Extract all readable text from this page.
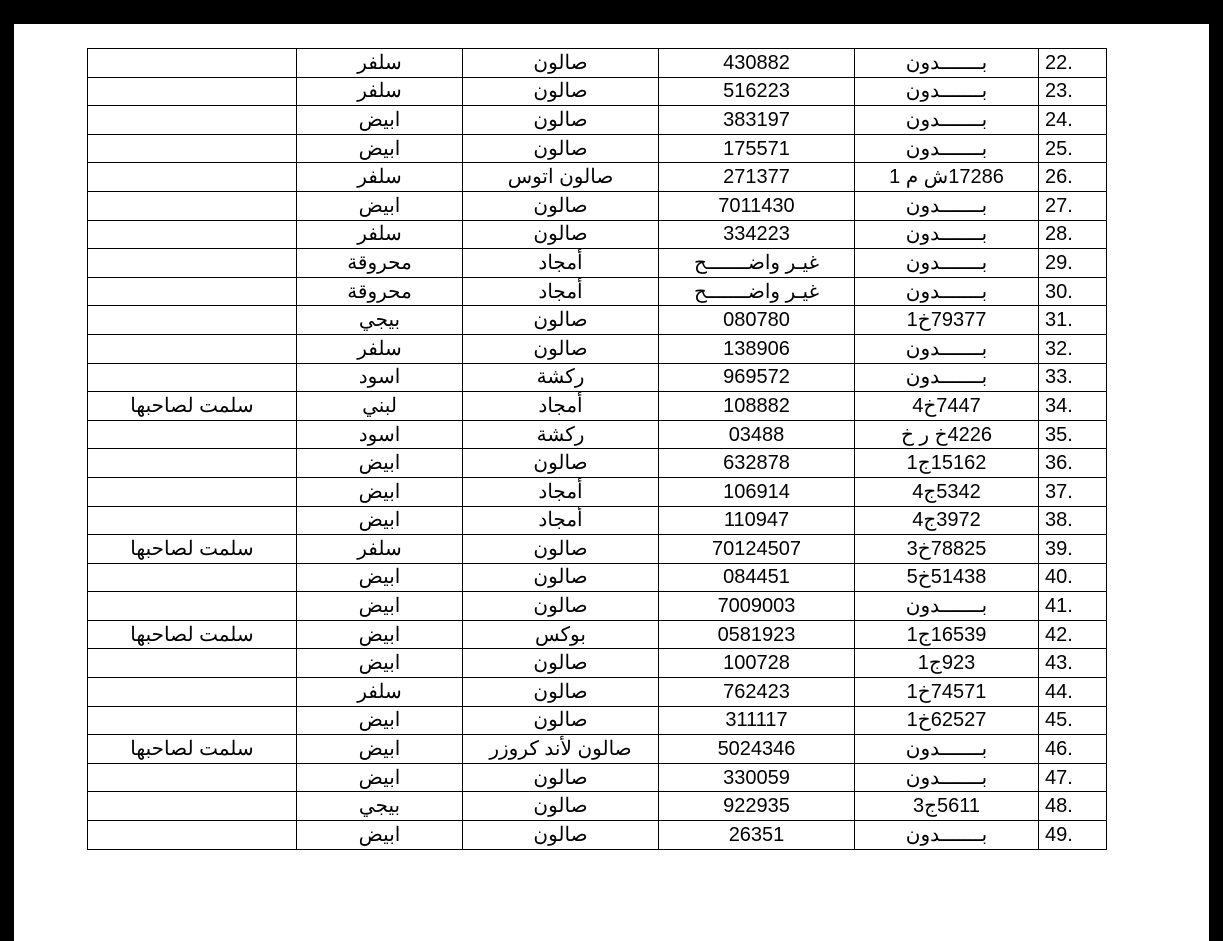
22.	بـــــــدون	430882	صالون	سلفر	
23.	بـــــــدون	516223	صالون	سلفر	
24.	بـــــــدون	383197	صالون	ابيض	
25.	بـــــــدون	175571	صالون	ابيض	
26.	17286ش م 1	271377	صالون اتوس	سلفر	
27.	بـــــــدون	7011430	صالون	ابيض	
28.	بـــــــدون	334223	صالون	سلفر	
29.	بـــــــدون	غيـر واضـــــــح	أمجاد	محروقة	
30.	بـــــــدون	غيـر واضـــــــح	أمجاد	محروقة	
31.	79377خ1	080780	صالون	بيجي	
32.	بـــــــدون	138906	صالون	سلفر	
33.	بـــــــدون	969572	ركشة	اسود	
34.	7447خ4	108882	أمجاد	لبني	سلمت لصاحبها
35.	4226خ ر خ	03488	ركشة	اسود	
36.	15162ج1	632878	صالون	ابيض	
37.	5342ج4	106914	أمجاد	ابيض	
38.	3972ج4	110947	أمجاد	ابيض	
39.	78825خ3	70124507	صالون	سلفر	سلمت لصاحبها
40.	51438خ5	084451	صالون	ابيض	
41.	بـــــــدون	7009003	صالون	ابيض	
42.	16539ج1	0581923	بوكس	ابيض	سلمت لصاحبها
43.	923ج1	100728	صالون	ابيض	
44.	74571خ1	762423	صالون	سلفر	
45.	62527خ1	311117	صالون	ابيض	
46.	بـــــــدون	5024346	صالون لأند كروزر	ابيض	سلمت لصاحبها
47.	بـــــــدون	330059	صالون	ابيض	
48.	5611ج3	922935	صالون	بيجي	
49.	بـــــــدون	26351	صالون	ابيض	
